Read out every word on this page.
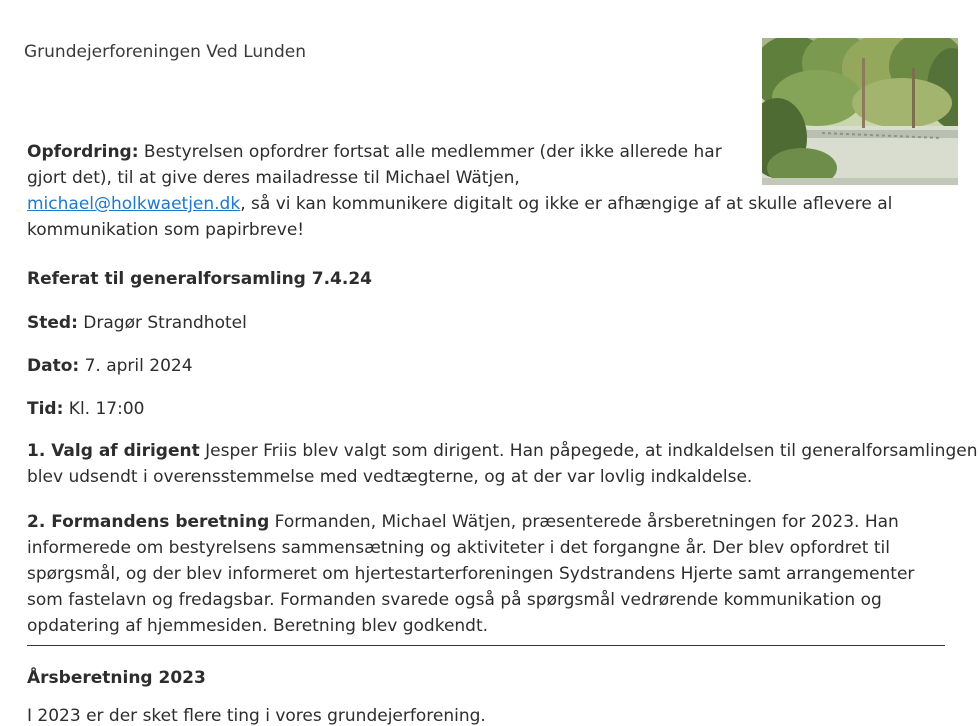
Grundejerforeningen Ved Lunden
Opfordring: Bestyrelsen opfordrer fortsat alle medlemmer (der ikke allerede har
gjort det), til at give deres mailadresse til Michael Wätjen,
michael@holkwaetjen.dk, så vi kan kommunikere digitalt og ikke er afhængige af at skulle aflevere al
kommunikation som papirbreve!
Referat til generalforsamling 7.4.24
Sted: Dragør Strandhotel
Dato: 7. april 2024
Tid: Kl. 17:00
1. Valg af dirigent Jesper Friis blev valgt som dirigent. Han påpegede, at indkaldelsen til generalforsamlingen
blev udsendt i overensstemmelse med vedtægterne, og at der var lovlig indkaldelse.
2. Formandens beretning Formanden, Michael Wätjen, præsenterede årsberetningen for 2023. Han
informerede om bestyrelsens sammensætning og aktiviteter i det forgangne år. Der blev opfordret til
spørgsmål, og der blev informeret om hjertestarterforeningen Sydstrandens Hjerte samt arrangementer
som fastelavn og fredagsbar. Formanden svarede også på spørgsmål vedrørende kommunikation og
opdatering af hjemmesiden. Beretning blev godkendt.
Årsberetning 2023
I 2023 er der sket flere ting i vores grundejerforening.
